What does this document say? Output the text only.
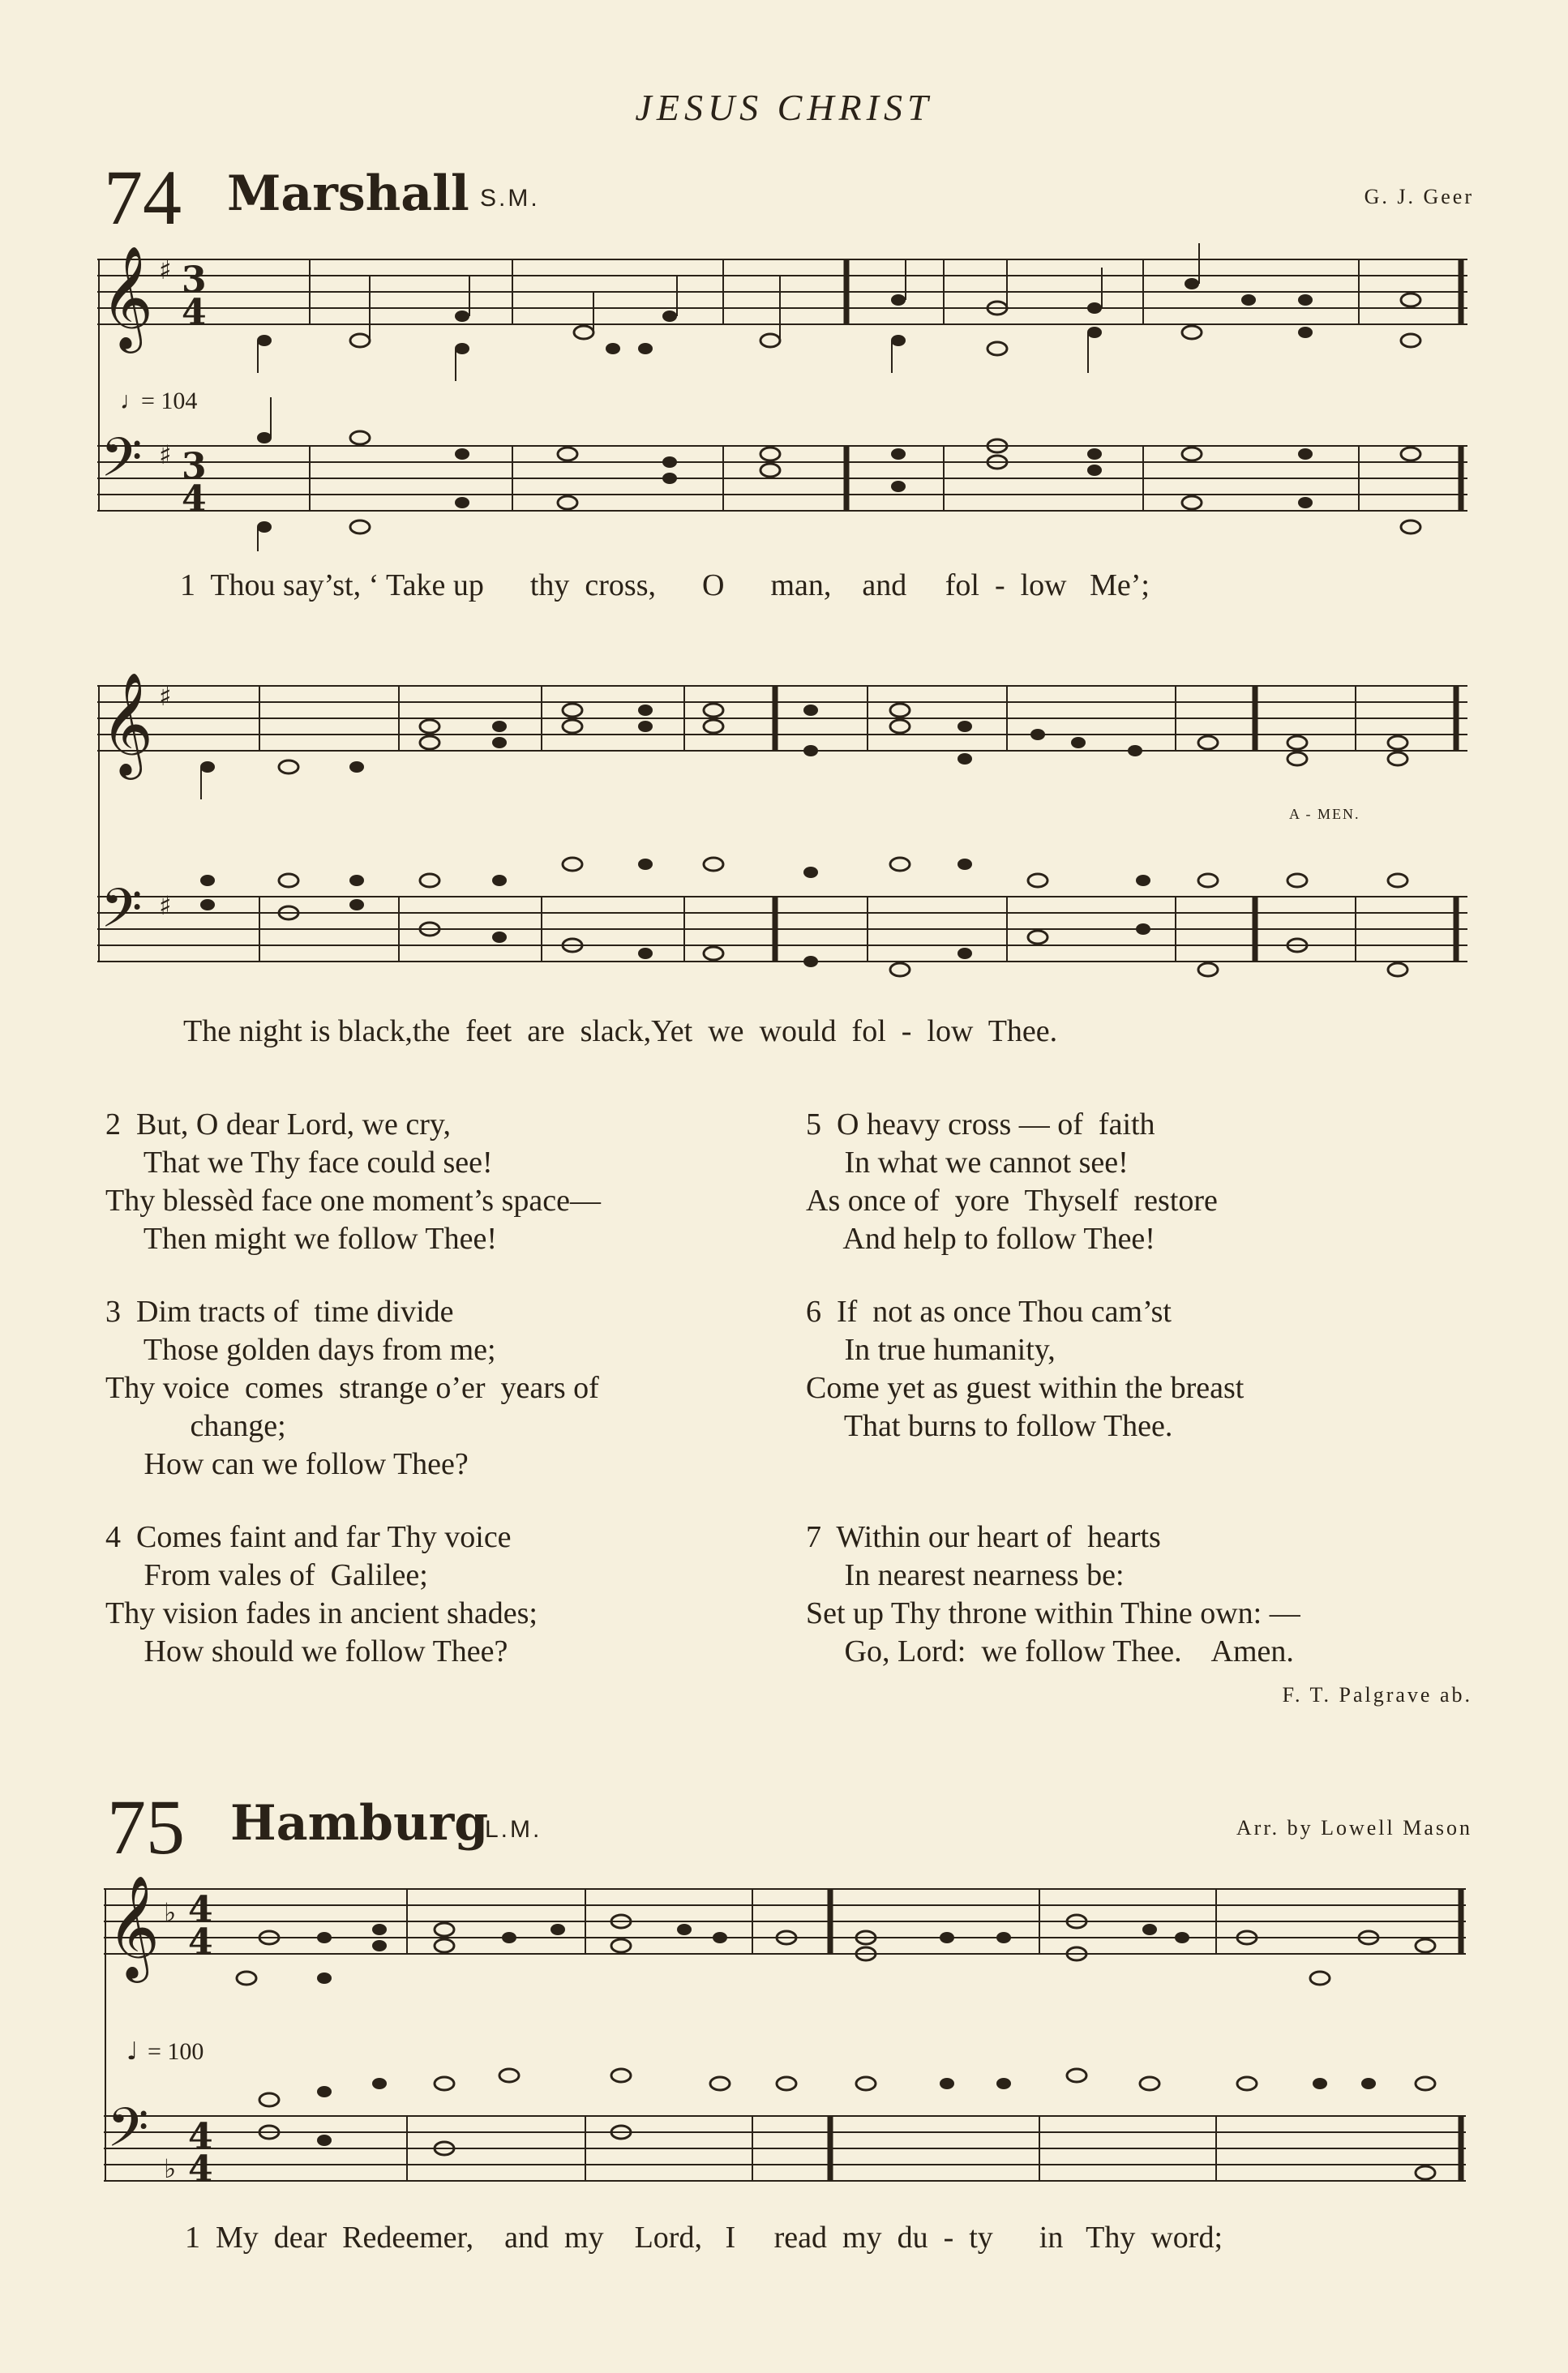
JESUS CHRIST
74 Marshall S.M.	G. J. Geer
𝄞
𝄢
♯
♯
3
4
3
4
♩
= 104
1  Thou say’st, ‘ Take up      thy  cross,      O      man,    and     fol  -  low   Me’;
𝄞
𝄢
♯
♯
A - MEN.
The night is black,the  feet  are  slack,Yet  we  would  fol  -  low  Thee.
2  But, O dear Lord, we cry,
That we Thy face could see!
Thy blessèd face one moment’s space—
Then might we follow Thee!
3  Dim tracts of  time divide
Those golden days from me;
Thy voice  comes  strange o’er  years of
change;
How can we follow Thee?
4  Comes faint and far Thy voice
From vales of  Galilee;
Thy vision fades in ancient shades;
How should we follow Thee?
5  O heavy cross — of  faith
In what we cannot see!
As once of  yore  Thyself  restore
And help to follow Thee!
6  If  not as once Thou cam’st
In true humanity,
Come yet as guest within the breast
That burns to follow Thee.
7  Within our heart of  hearts
In nearest nearness be:
Set up Thy throne within Thine own: —
Go, Lord:  we follow Thee.    Amen.
F. T. Palgrave ab.
75 Hamburg
L.M.	Arr. by Lowell Mason
𝄞
𝄢
♭
♭
4
4
4
4
♩ = 100
1  My  dear  Redeemer,    and  my    Lord,   I     read  my  du  -  ty      in   Thy  word;
